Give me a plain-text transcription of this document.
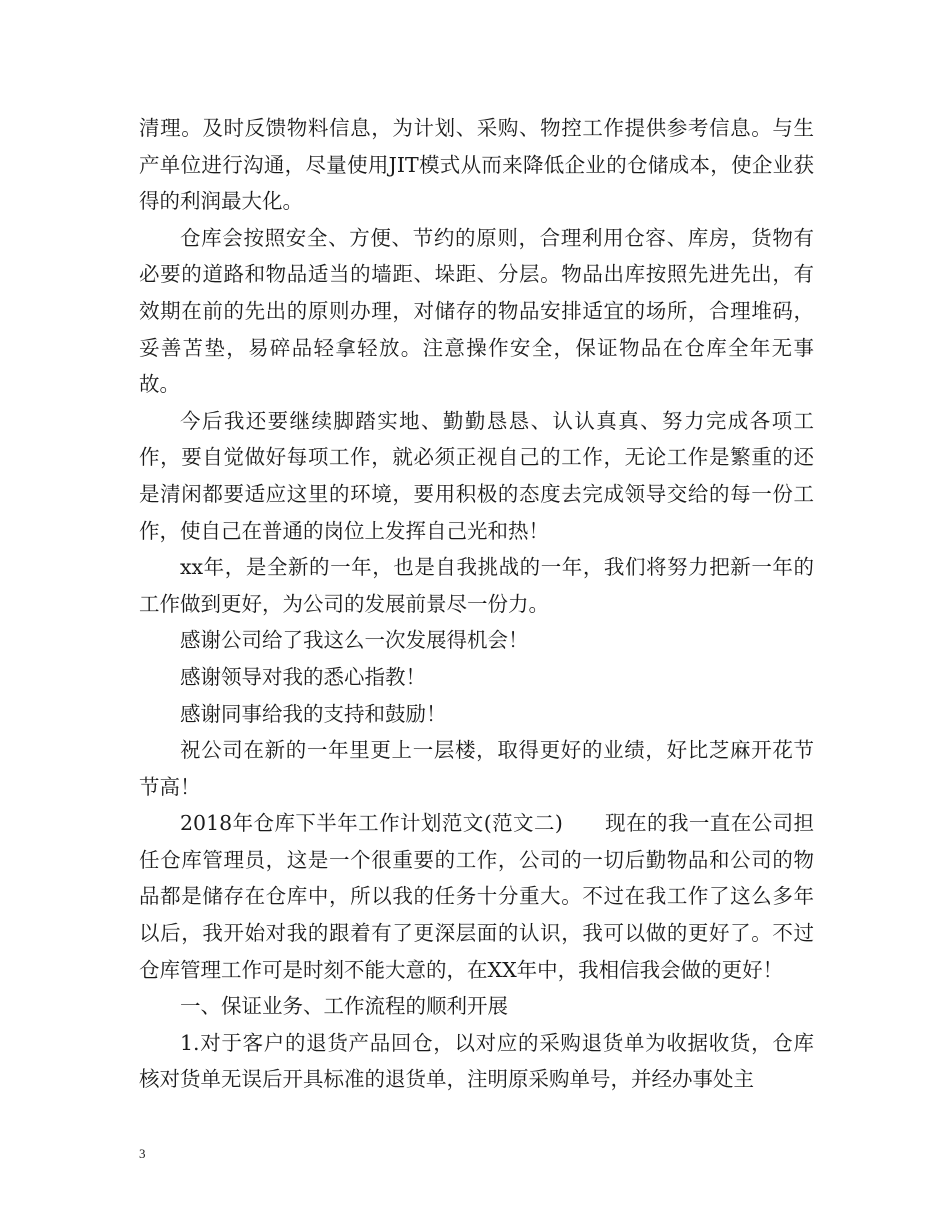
清理。及时反馈物料信息，为计划、采购、物控工作提供参考信息。与生产单位进行沟通，尽量使用JIT模式从而来降低企业的仓储成本，使企业获得的利润最大化。

仓库会按照安全、方便、节约的原则，合理利用仓容、库房，货物有必要的道路和物品适当的墙距、垛距、分层。物品出库按照先进先出，有效期在前的先出的原则办理，对储存的物品安排适宜的场所，合理堆码，妥善苫垫，易碎品轻拿轻放。注意操作安全，保证物品在仓库全年无事故。

今后我还要继续脚踏实地、勤勤恳恳、认认真真、努力完成各项工作，要自觉做好每项工作，就必须正视自己的工作，无论工作是繁重的还是清闲都要适应这里的环境，要用积极的态度去完成领导交给的每一份工作，使自己在普通的岗位上发挥自己光和热！

xx年，是全新的一年，也是自我挑战的一年，我们将努力把新一年的工作做到更好，为公司的发展前景尽一份力。

感谢公司给了我这么一次发展得机会！

感谢领导对我的悉心指教！

感谢同事给我的支持和鼓励！

祝公司在新的一年里更上一层楼，取得更好的业绩，好比芝麻开花节节高！

2018年仓库下半年工作计划范文(范文二)　　现在的我一直在公司担任仓库管理员，这是一个很重要的工作，公司的一切后勤物品和公司的物品都是储存在仓库中，所以我的任务十分重大。不过在我工作了这么多年以后，我开始对我的跟着有了更深层面的认识，我可以做的更好了。不过仓库管理工作可是时刻不能大意的，在XX年中，我相信我会做的更好！

一、保证业务、工作流程的顺利开展

1.对于客户的退货产品回仓，以对应的采购退货单为收据收货，仓库核对货单无误后开具标准的退货单，注明原采购单号，并经办事处主

3
